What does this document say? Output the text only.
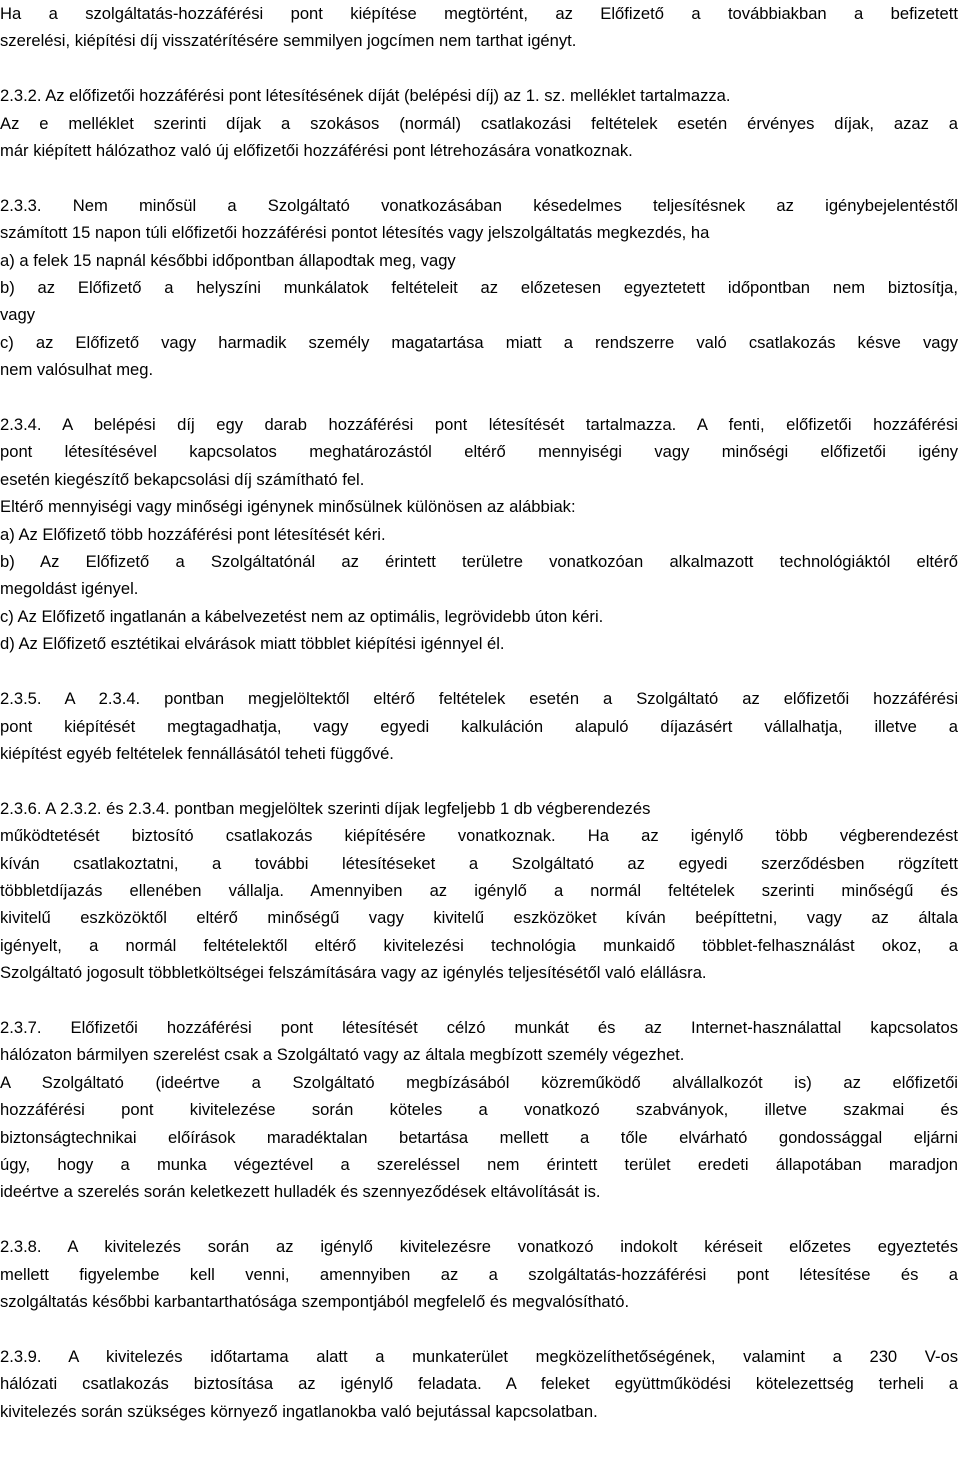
Ha a szolgáltatás-hozzáférési pont kiépítése megtörtént, az Előfizető a továbbiakban a befizetett
szerelési, kiépítési díj visszatérítésére semmilyen jogcímen nem tarthat igényt.
2.3.2. Az előfizetői hozzáférési pont létesítésének díját (belépési díj) az 1. sz. melléklet tartalmazza.
Az e melléklet szerinti díjak a szokásos (normál) csatlakozási feltételek esetén érvényes díjak, azaz a
már kiépített hálózathoz való új előfizetői hozzáférési pont létrehozására vonatkoznak.
2.3.3. Nem minősül a Szolgáltató vonatkozásában késedelmes teljesítésnek az igénybejelentéstől
számított 15 napon túli előfizetői hozzáférési pontot létesítés vagy jelszolgáltatás megkezdés, ha
a) a felek 15 napnál későbbi időpontban állapodtak meg, vagy
b) az Előfizető a helyszíni munkálatok feltételeit az előzetesen egyeztetett időpontban nem biztosítja,
vagy
c) az Előfizető vagy harmadik személy magatartása miatt a rendszerre való csatlakozás késve vagy
nem valósulhat meg.
2.3.4. A belépési díj egy darab hozzáférési pont létesítését tartalmazza. A fenti, előfizetői hozzáférési
pont létesítésével kapcsolatos meghatározástól eltérő mennyiségi vagy minőségi előfizetői igény
esetén kiegészítő bekapcsolási díj számítható fel.
Eltérő mennyiségi vagy minőségi igénynek minősülnek különösen az alábbiak:
a) Az Előfizető több hozzáférési pont létesítését kéri.
b) Az Előfizető a Szolgáltatónál az érintett területre vonatkozóan alkalmazott technológiáktól eltérő
megoldást igényel.
c) Az Előfizető ingatlanán a kábelvezetést nem az optimális, legrövidebb úton kéri.
d) Az Előfizető esztétikai elvárások miatt többlet kiépítési igénnyel él.
2.3.5. A 2.3.4. pontban megjelöltektől eltérő feltételek esetén a Szolgáltató az előfizetői hozzáférési
pont kiépítését megtagadhatja, vagy egyedi kalkuláción alapuló díjazásért vállalhatja, illetve a
kiépítést egyéb feltételek fennállásától teheti függővé.
2.3.6. A 2.3.2. és 2.3.4. pontban megjelöltek szerinti díjak legfeljebb 1 db végberendezés
működtetését biztosító csatlakozás kiépítésére vonatkoznak. Ha az igénylő több végberendezést
kíván csatlakoztatni, a további létesítéseket a Szolgáltató az egyedi szerződésben rögzített
többletdíjazás ellenében vállalja. Amennyiben az igénylő a normál feltételek szerinti minőségű és
kivitelű eszközöktől eltérő minőségű vagy kivitelű eszközöket kíván beépíttetni, vagy az általa
igényelt, a normál feltételektől eltérő kivitelezési technológia munkaidő többlet-felhasználást okoz, a
Szolgáltató jogosult többletköltségei felszámítására vagy az igénylés teljesítésétől való elállásra.
2.3.7. Előfizetői hozzáférési pont létesítését célzó munkát és az Internet-használattal kapcsolatos
hálózaton bármilyen szerelést csak a Szolgáltató vagy az általa megbízott személy végezhet.
A Szolgáltató (ideértve a Szolgáltató megbízásából közreműködő alvállalkozót is) az előfizetői
hozzáférési pont kivitelezése során köteles a vonatkozó szabványok, illetve szakmai és
biztonságtechnikai előírások maradéktalan betartása mellett a tőle elvárható gondossággal eljárni
úgy, hogy a munka végeztével a szereléssel nem érintett terület eredeti állapotában maradjon
ideértve a szerelés során keletkezett hulladék és szennyeződések eltávolítását is.
2.3.8. A kivitelezés során az igénylő kivitelezésre vonatkozó indokolt kéréseit előzetes egyeztetés
mellett figyelembe kell venni, amennyiben az a szolgáltatás-hozzáférési pont létesítése és a
szolgáltatás későbbi karbantarthatósága szempontjából megfelelő és megvalósítható.
2.3.9. A kivitelezés időtartama alatt a munkaterület megközelíthetőségének, valamint a 230 V-os
hálózati csatlakozás biztosítása az igénylő feladata. A feleket együttműködési kötelezettség terheli a
kivitelezés során szükséges környező ingatlanokba való bejutással kapcsolatban.
